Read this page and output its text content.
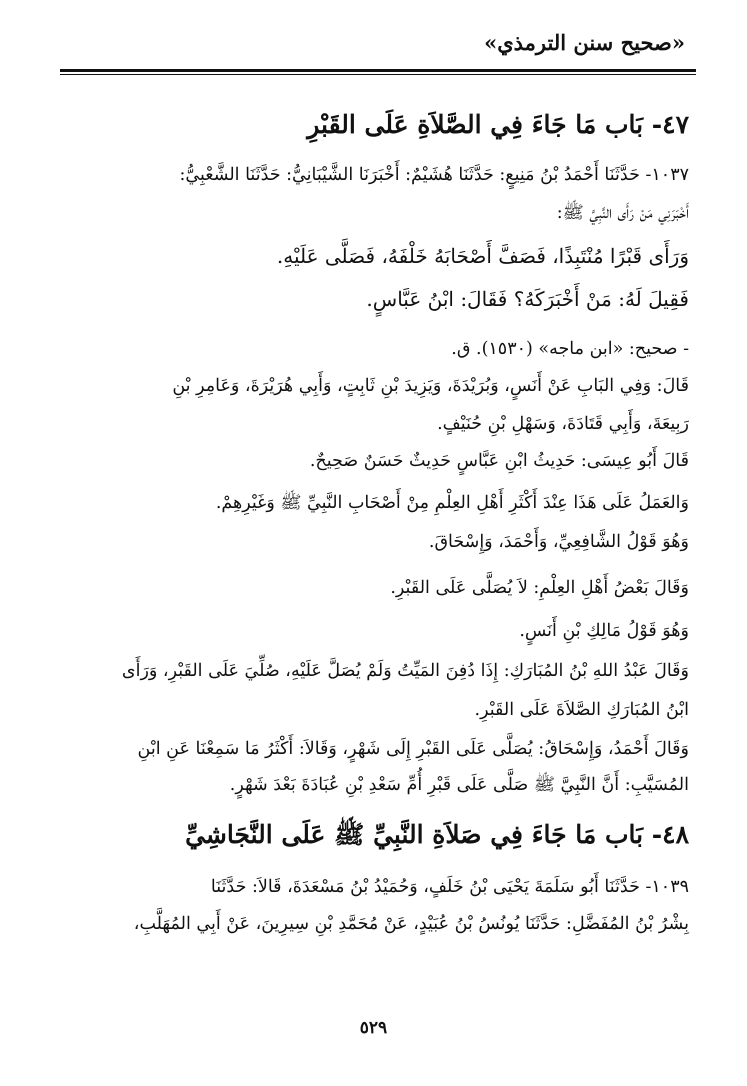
«صحيح سنن الترمذي»
٤٧- بَاب مَا جَاءَ فِي الصَّلاَةِ عَلَى القَبْرِ
١٠٣٧- حَدَّثَنَا أَحْمَدُ بْنُ مَنِيعٍ: حَدَّثَنَا هُشَيْمٌ: أَخْبَرَنَا الشَّيْبَانِيُّ: حَدَّثَنَا الشَّعْبِيُّ:
أَخْبَرَنِي مَنْ رَأَى النَّبِيَّ ﷺ:
وَرَأَى قَبْرًا مُنْتَبِذًا، فَصَفَّ أَصْحَابَهُ خَلْفَهُ، فَصَلَّى عَلَيْهِ.
فَقِيلَ لَهُ: مَنْ أَخْبَرَكَهُ؟ فَقَالَ: ابْنُ عَبَّاسٍ.
- صحيح: «ابن ماجه» (١٥٣٠). ق.
قَالَ: وَفِي البَابِ عَنْ أَنَسٍ، وَبُرَيْدَةَ، وَيَزِيدَ بْنِ ثَابِتٍ، وَأَبِي هُرَيْرَةَ، وَعَامِرِ بْنِ
رَبِيعَةَ، وَأَبِي قَتَادَةَ، وَسَهْلِ بْنِ حُنَيْفٍ.
قَالَ أَبُو عِيسَى: حَدِيثُ ابْنِ عَبَّاسٍ حَدِيثٌ حَسَنٌ صَحِيحٌ.
وَالعَمَلُ عَلَى هَذَا عِنْدَ أَكْثَرِ أَهْلِ العِلْمِ مِنْ أَصْحَابِ النَّبِيِّ ﷺ وَغَيْرِهِمْ.
وَهُوَ قَوْلُ الشَّافِعِيِّ، وَأَحْمَدَ، وَإِسْحَاقَ.
وَقَالَ بَعْضُ أَهْلِ العِلْمِ: لاَ يُصَلَّى عَلَى القَبْرِ.
وَهُوَ قَوْلُ مَالِكِ بْنِ أَنَسٍ.
وَقَالَ عَبْدُ اللهِ بْنُ المُبَارَكِ: إِذَا دُفِنَ المَيِّتُ وَلَمْ يُصَلَّ عَلَيْهِ، صُلِّيَ عَلَى القَبْرِ، وَرَأَى
ابْنُ المُبَارَكِ الصَّلاَةَ عَلَى القَبْرِ.
وَقَالَ أَحْمَدُ، وَإِسْحَاقُ: يُصَلَّى عَلَى القَبْرِ إِلَى شَهْرٍ، وَقَالاَ: أَكْثَرُ مَا سَمِعْنَا عَنِ ابْنِ
المُسَيَّبِ: أَنَّ النَّبِيَّ ﷺ صَلَّى عَلَى قَبْرِ أُمِّ سَعْدِ بْنِ عُبَادَةَ بَعْدَ شَهْرٍ.
٤٨- بَاب مَا جَاءَ فِي صَلاَةِ النَّبِيِّ ﷺ عَلَى النَّجَاشِيِّ
١٠٣٩- حَدَّثَنَا أَبُو سَلَمَةَ يَحْيَى بْنُ خَلَفٍ، وَحُمَيْدُ بْنُ مَسْعَدَةَ، قَالاَ: حَدَّثَنَا
بِشْرُ بْنُ المُفَضَّلِ: حَدَّثَنَا يُونُسُ بْنُ عُبَيْدٍ، عَنْ مُحَمَّدِ بْنِ سِيرِينَ، عَنْ أَبِي المُهَلَّبِ،
٥٢٩
